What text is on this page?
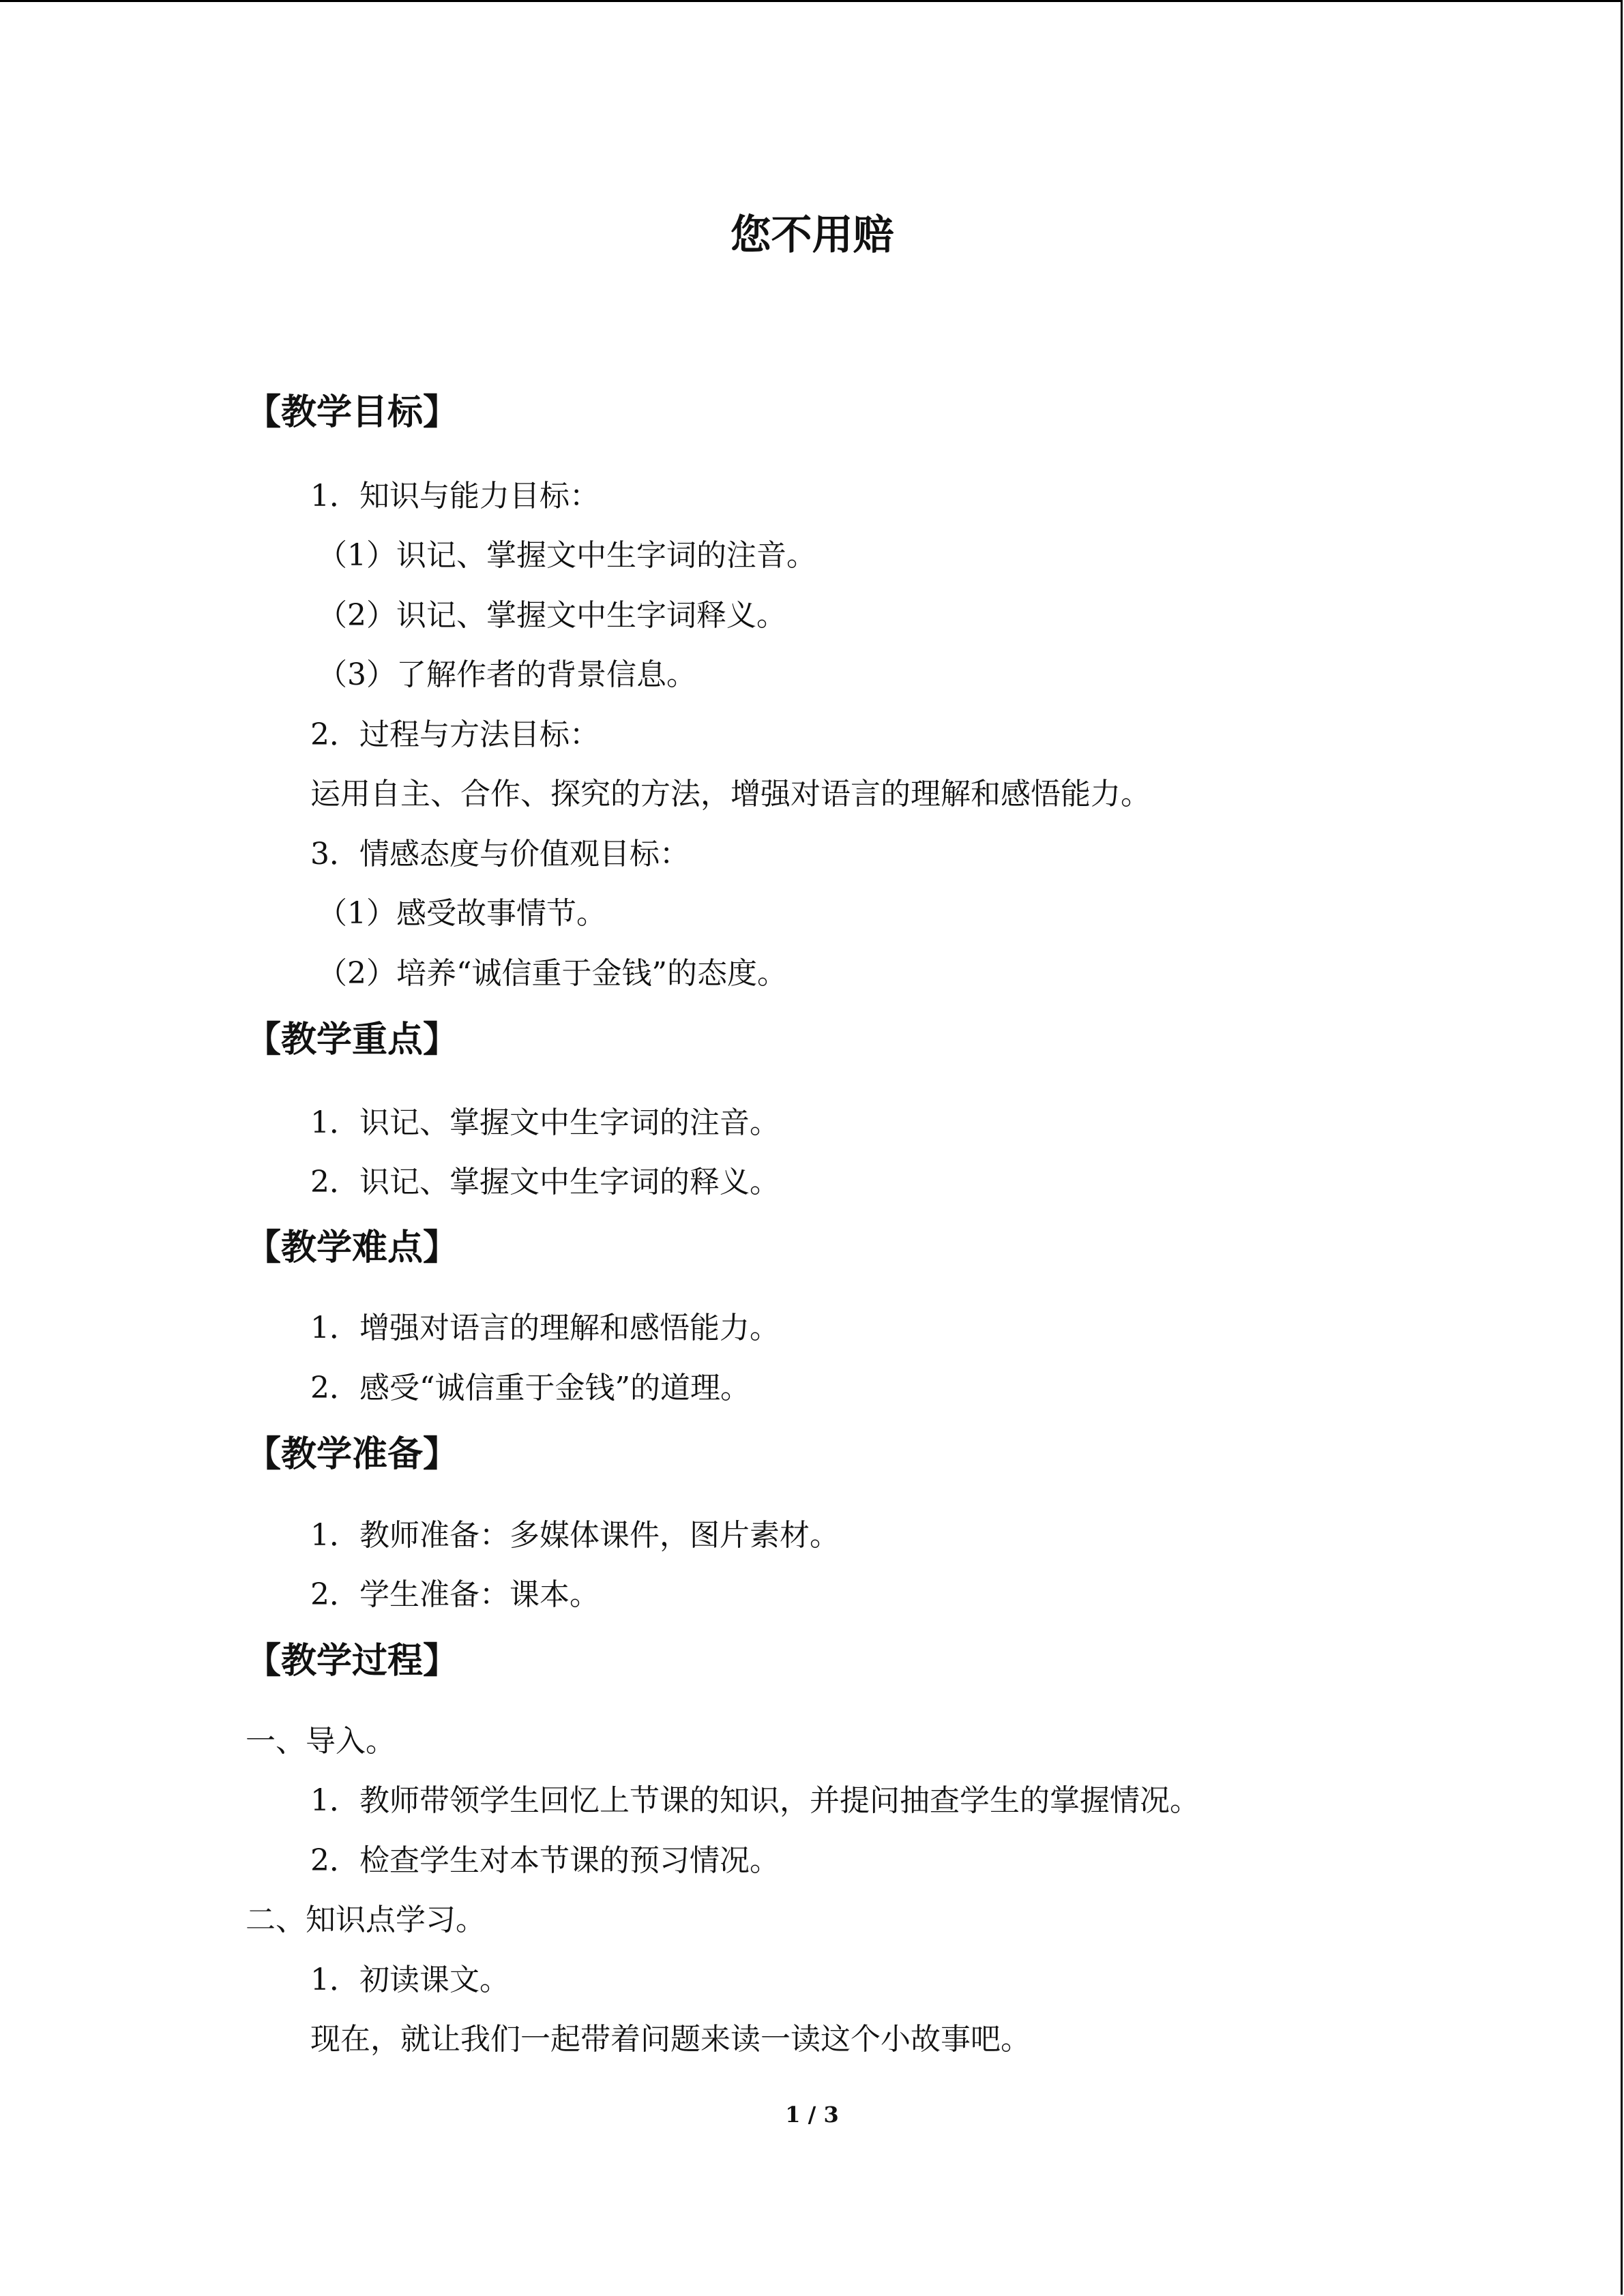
您不用赔
【教学目标】
1．知识与能力目标：
（1）识记、掌握文中生字词的注音。
（2）识记、掌握文中生字词释义。
（3）了解作者的背景信息。
2．过程与方法目标：
运用自主、合作、探究的方法，增强对语言的理解和感悟能力。
3．情感态度与价值观目标：
（1）感受故事情节。
（2）培养“诚信重于金钱”的态度。
【教学重点】
1．识记、掌握文中生字词的注音。
2．识记、掌握文中生字词的释义。
【教学难点】
1．增强对语言的理解和感悟能力。
2．感受“诚信重于金钱”的道理。
【教学准备】
1．教师准备：多媒体课件，图片素材。
2．学生准备：课本。
【教学过程】
一、导入。
1．教师带领学生回忆上节课的知识，并提问抽查学生的掌握情况。
2．检查学生对本节课的预习情况。
二、知识点学习。
1．初读课文。
现在，就让我们一起带着问题来读一读这个小故事吧。
1 / 3
